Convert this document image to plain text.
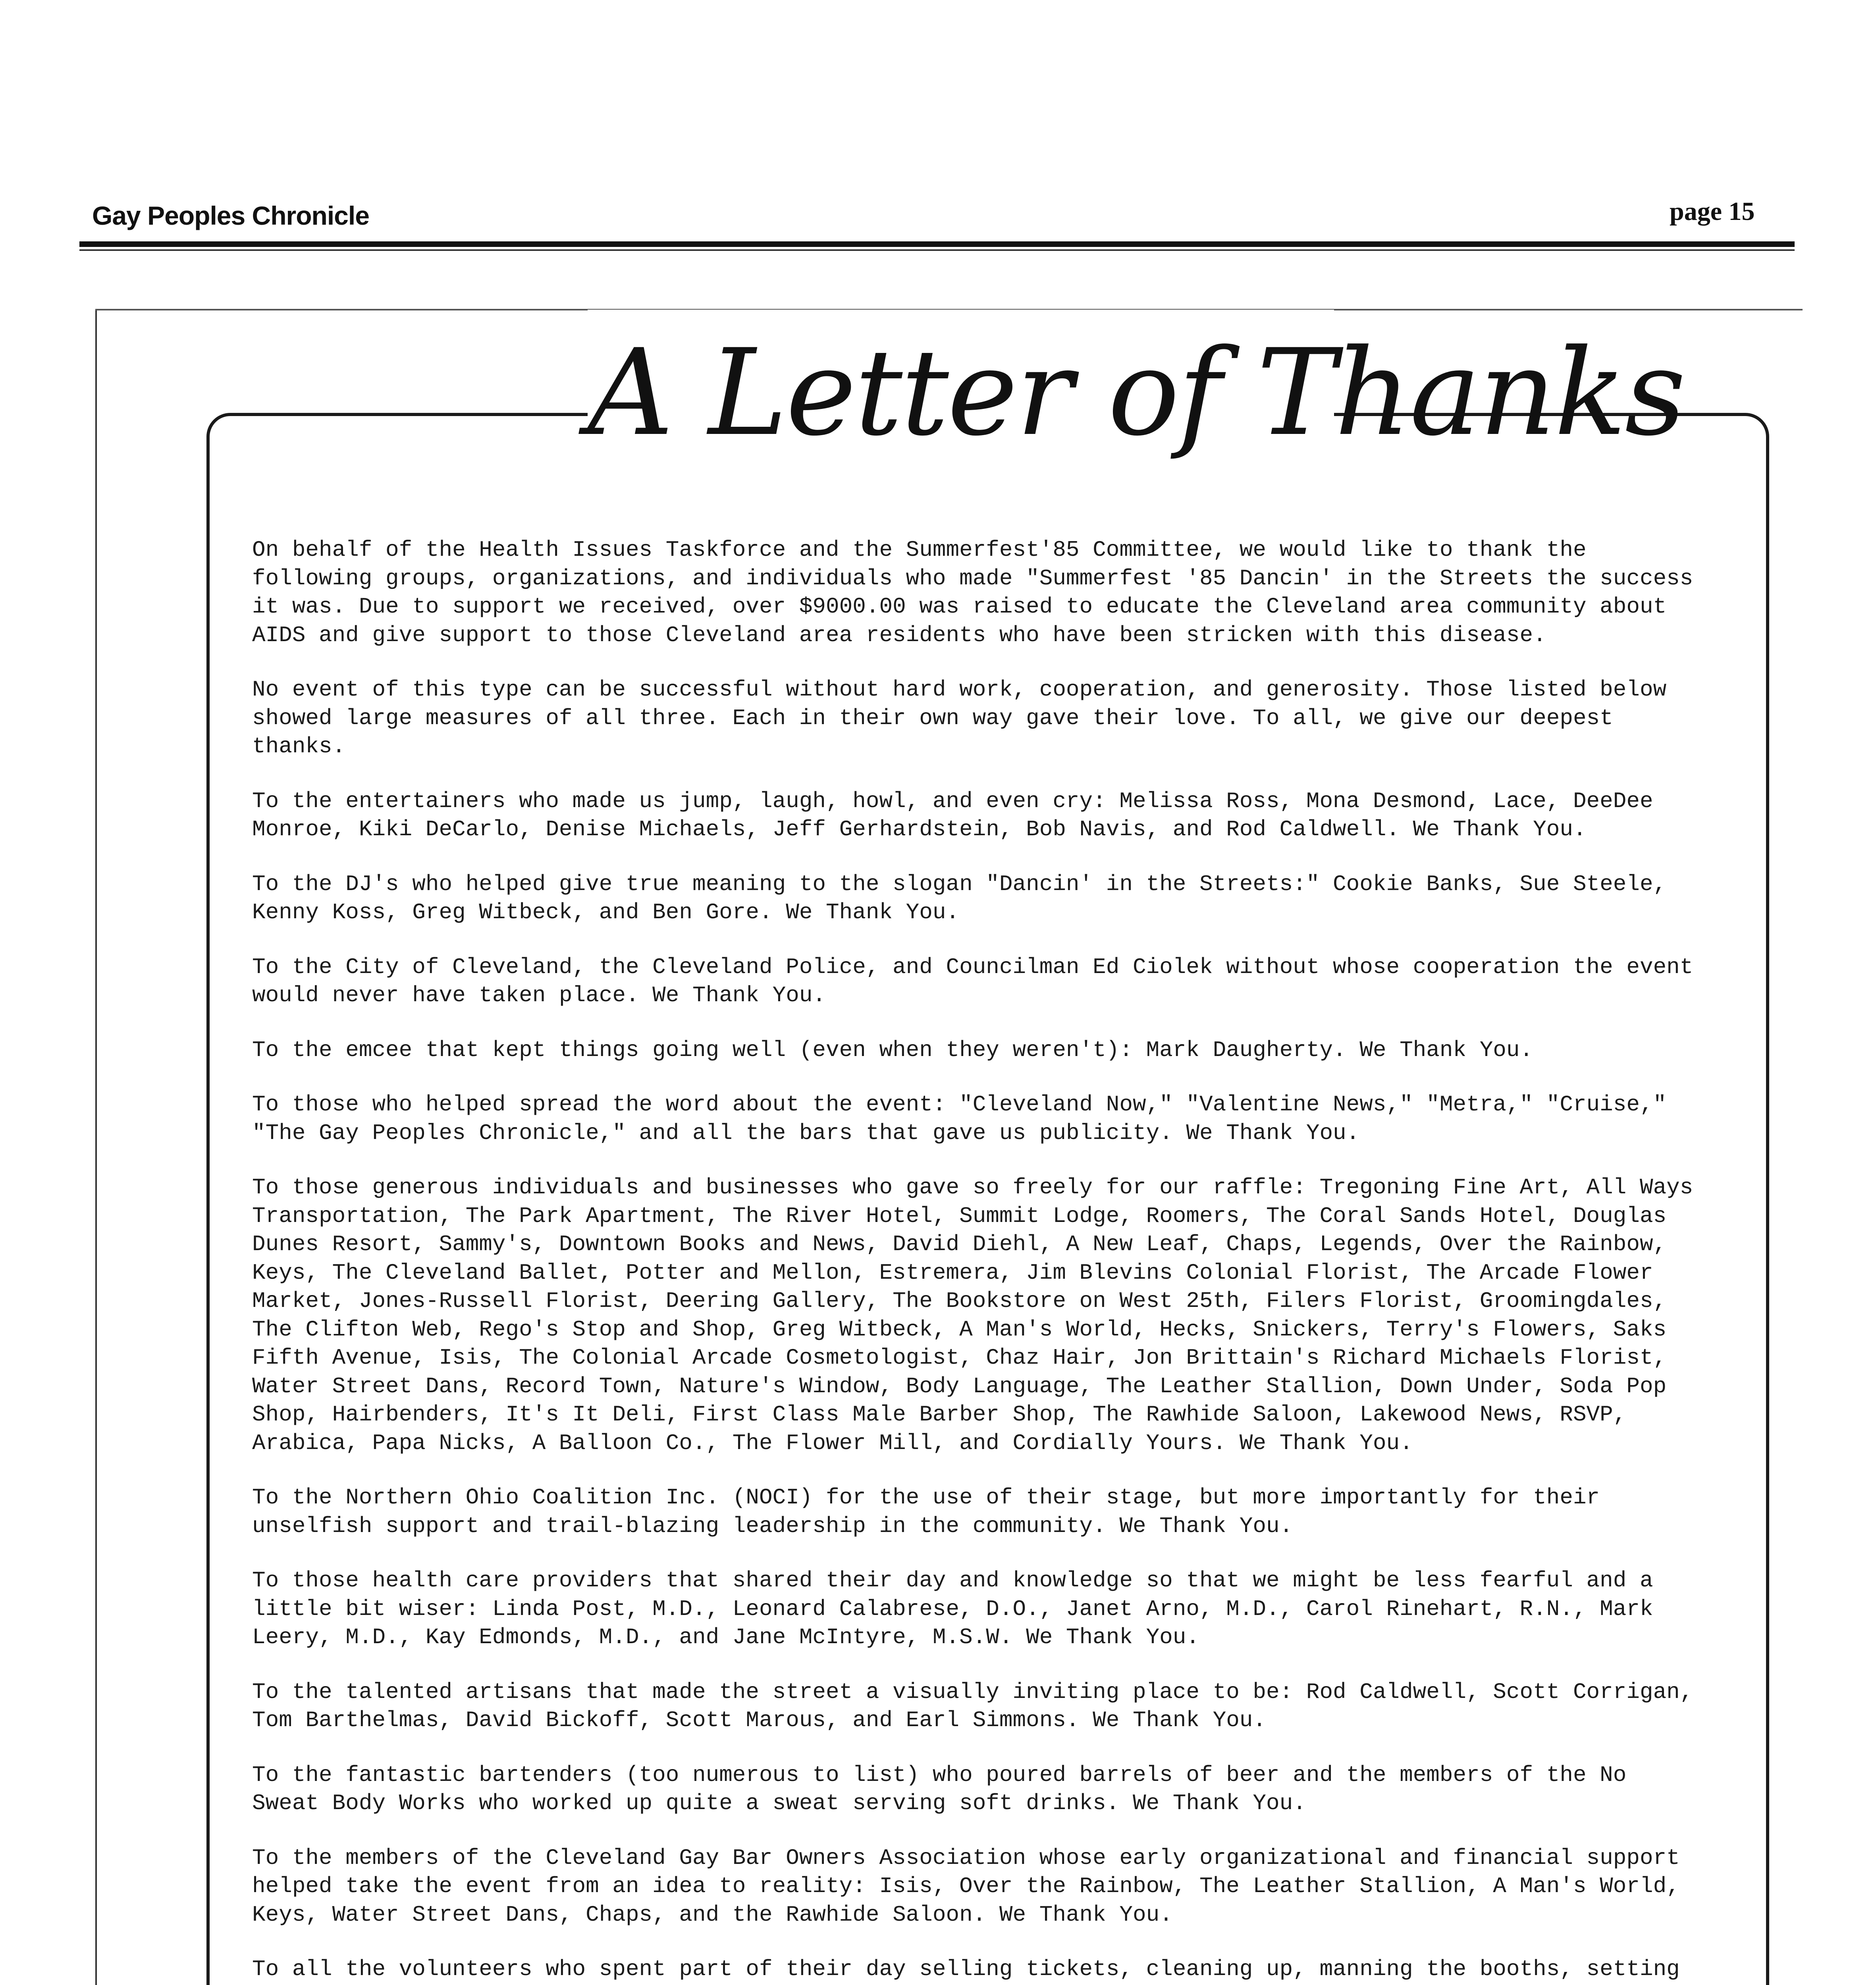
Gay Peoples Chronicle	page 15
A Letter of Thanks

On behalf of the Health Issues Taskforce and the Summerfest'85 Committee, we would like to thank the following groups, organizations, and individuals who made "Summerfest '85 Dancin' in the Streets the success it was. Due to support we received, over $9000.00 was raised to educate the Cleveland area community about AIDS and give support to those Cleveland area residents who have been stricken with this disease.

No event of this type can be successful without hard work, cooperation, and generosity. Those listed below showed large measures of all three. Each in their own way gave their love. To all, we give our deepest thanks.

To the entertainers who made us jump, laugh, howl, and even cry: Melissa Ross, Mona Desmond, Lace, DeeDee Monroe, Kiki DeCarlo, Denise Michaels, Jeff Gerhardstein, Bob Navis, and Rod Caldwell. We Thank You.

To the DJ's who helped give true meaning to the slogan "Dancin' in the Streets:" Cookie Banks, Sue Steele, Kenny Koss, Greg Witbeck, and Ben Gore. We Thank You.

To the City of Cleveland, the Cleveland Police, and Councilman Ed Ciolek without whose cooperation the event would never have taken place. We Thank You.

To the emcee that kept things going well (even when they weren't): Mark Daugherty. We Thank You.

To those who helped spread the word about the event: "Cleveland Now," "Valentine News," "Metra," "Cruise," "The Gay Peoples Chronicle," and all the bars that gave us publicity. We Thank You.

To those generous individuals and businesses who gave so freely for our raffle: Tregoning Fine Art, All Ways Transportation, The Park Apartment, The River Hotel, Summit Lodge, Roomers, The Coral Sands Hotel, Douglas Dunes Resort, Sammy's, Downtown Books and News, David Diehl, A New Leaf, Chaps, Legends, Over the Rainbow, Keys, The Cleveland Ballet, Potter and Mellon, Estremera, Jim Blevins Colonial Florist, The Arcade Flower Market, Jones-Russell Florist, Deering Gallery, The Bookstore on West 25th, Filers Florist, Groomingdales, The Clifton Web, Rego's Stop and Shop, Greg Witbeck, A Man's World, Hecks, Snickers, Terry's Flowers, Saks Fifth Avenue, Isis, The Colonial Arcade Cosmetologist, Chaz Hair, Jon Brittain's Richard Michaels Florist, Water Street Dans, Record Town, Nature's Window, Body Language, The Leather Stallion, Down Under, Soda Pop Shop, Hairbenders, It's It Deli, First Class Male Barber Shop, The Rawhide Saloon, Lakewood News, RSVP, Arabica, Papa Nicks, A Balloon Co., The Flower Mill, and Cordially Yours. We Thank You.

To the Northern Ohio Coalition Inc. (NOCI) for the use of their stage, but more importantly for their unselfish support and trail-blazing leadership in the community. We Thank You.

To those health care providers that shared their day and knowledge so that we might be less fearful and a little bit wiser: Linda Post, M.D., Leonard Calabrese, D.O., Janet Arno, M.D., Carol Rinehart, R.N., Mark Leery, M.D., Kay Edmonds, M.D., and Jane McIntyre, M.S.W. We Thank You.

To the talented artisans that made the street a visually inviting place to be: Rod Caldwell, Scott Corrigan, Tom Barthelmas, David Bickoff, Scott Marous, and Earl Simmons. We Thank You.

To the fantastic bartenders (too numerous to list) who poured barrels of beer and the members of the No Sweat Body Works who worked up quite a sweat serving soft drinks. We Thank You.

To the members of the Cleveland Gay Bar Owners Association whose early organizational and financial support helped take the event from an idea to reality: Isis, Over the Rainbow, The Leather Stallion, A Man's World, Keys, Water Street Dans, Chaps, and the Rawhide Saloon. We Thank You.

To all the volunteers who spent part of their day selling tickets, cleaning up, manning the booths, setting
